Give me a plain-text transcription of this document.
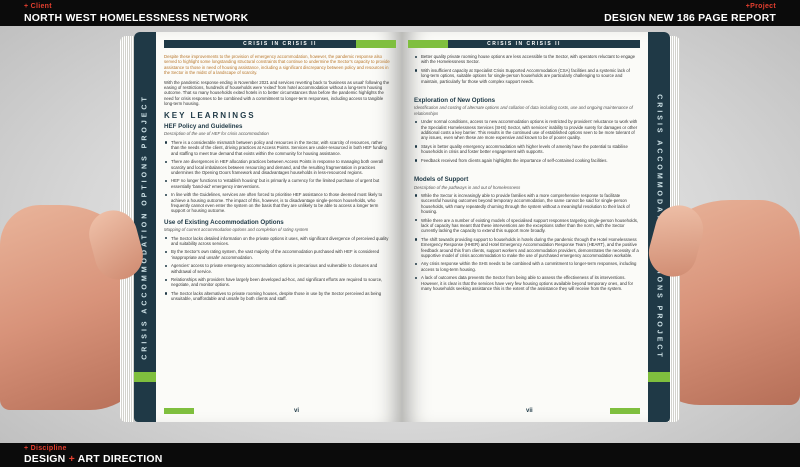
+ Client
NORTH WEST HOMELESSNESS NETWORK
+Project
DESIGN NEW 186 PAGE REPORT
CRISIS ACCOMMODATION OPTIONS PROJECT
CRISIS IN CRISIS II

Despite these improvements to the provision of emergency accommodation, however, the pandemic response also served to highlight some longstanding structural constraints that continue to undermine the Sector's capacity to provide assistance to those in need of housing assistance, including a significant discrepancy between policy and resources in the Sector in the midst of a landscape of scarcity.

With the pandemic response ending in November 2021 and services reverting back to 'business as usual' following the easing of restrictions, hundreds of households were 'exited' from hotel accommodation without a long-term housing outcome. That so many households exited hotels in to better circumstances than before the pandemic highlights the need for crisis responses to be combined with a commitment to longer-term responses, including access to tangible long-term housing.

KEY LEARNINGS
HEF Policy and Guidelines

Description of the use of HEF for crisis accommodation

There is a considerable mismatch between policy and resources in the Sector, with scarcity of resources, rather than the needs of the client, driving practices at Access Points. Services are under-resourced in both HEF funding and staffing to meet true demand that exists within the community for housing assistance.
There are divergences in HEF allocation practices between Access Points in response to managing both overall scarcity and local imbalances between resourcing and demand, and the resulting fragmentation in practices undermines the Opening Doors framework and disadvantages households in less-resourced regions.
HEF no longer functions to 'establish housing' but is primarily a currency for the limited purchase of urgent but essentially 'band-aid' emergency interventions.
In line with the Guidelines, services are often forced to prioritise HEF assistance to those deemed most likely to achieve a housing outcome. The impact of this, however, is to disadvantage single-person households, who frequently cannot even enter the system on the basis that they are unlikely to be able to access a longer term support or housing outcome.
Use of Existing Accommodation Options

Mapping of current accommodation options and completion of rating system

The Sector lacks detailed information on the private options it uses, with significant divergence of perceived quality and suitability across services.
By the Sector's own rating system, the vast majority of the accommodation purchased with HEF is considered 'inappropriate and unsafe' accommodation.
Agencies' access to private emergency accommodation options is precarious and vulnerable to closures and withdrawal of service.
Relationships with providers have largely been developed ad-hoc, and significant efforts are required to source, negotiate, and monitor options.
The Sector lacks alternatives to private rooming houses, despite those in use by the Sector perceived as being unsuitable, unaffordable and unsafe by both clients and staff.
vi
CRISIS IN CRISIS II
Better quality private rooming house options are less accessible to the Sector, with operators reluctant to engage with the Homelessness Sector.
With insufficient capacity at Specialist Crisis Supported Accommodation (CSA) facilities and a systemic lack of long-term options, suitable options for single-person households are particularly challenging to source and maintain, particularly for those with complex support needs.
Exploration of New Options

Identification and costing of alternate options and collation of data including costs, use and ongoing maintenance of relationships

Under normal conditions, access to new accommodation options is restricted by providers' reluctance to work with the Specialist Homelessness Services (SHS) Sector, with services' inability to provide surety for damages or other additional costs a key barrier. This results in the continued use of established options seen to be more tolerant of any issues, even when these are more expensive and known to be of poorer quality.
Stays in better quality emergency accommodation with higher levels of amenity have the potential to stabilise households in crisis and foster better engagement with supports.
Feedback received from clients again highlights the importance of self-contained cooking facilities.
Models of Support

Description of the pathways in and out of homelessness

While the Sector is increasingly able to provide families with a more comprehensive response to facilitate successful housing outcomes beyond temporary accommodation, the same cannot be said for single-person households, with many repeatedly churning through the system without a meaningful resolution to their lack of housing.
While there are a number of existing models of specialised support responses targeting single-person households, lack of capacity has meant that these interventions are the exceptions rather than the norm, with the Sector currently lacking the capacity to extend this support more broadly.
The shift towards providing support to households in hotels during the pandemic through the Hotel Homelessness Emergency Response (HHER) and Hotel Emergency Accommodation Response Team (HEART), and the positive feedback around this from clients, support workers and accommodation providers, demonstrates the necessity of a supportive model of crisis accommodation to make the use of purchased emergency accommodation workable.
Any crisis response within the SHS needs to be combined with a commitment to longer-term responses, including access to long-term housing.
A lack of outcomes data prevents the Sector from being able to assess the effectiveness of its interventions. However, it is clear is that the services have very few housing options available beyond temporary ones, and for many households seeking assistance this is the extent of the assistance they will receive from the system.
vii
+ Discipline
DESIGN + ART DIRECTION
